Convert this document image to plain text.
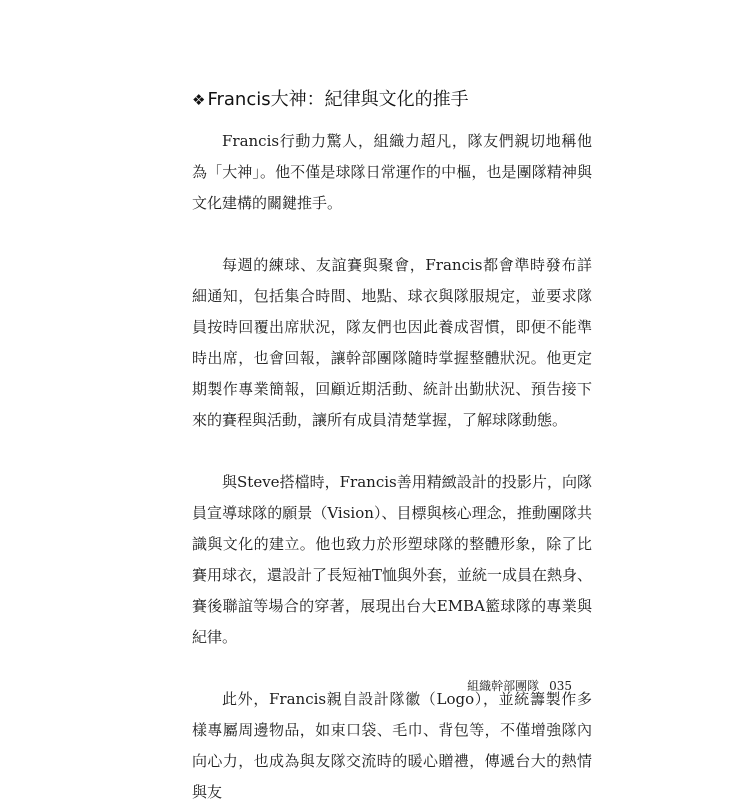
❖ Francis大神：紀律與文化的推手

Francis行動力驚人，組織力超凡，隊友們親切地稱他為「大神」。他不僅是球隊日常運作的中樞，也是團隊精神與文化建構的關鍵推手。

每週的練球、友誼賽與聚會，Francis都會準時發布詳細通知，包括集合時間、地點、球衣與隊服規定，並要求隊員按時回覆出席狀況，隊友們也因此養成習慣，即便不能準時出席，也會回報，讓幹部團隊隨時掌握整體狀況。他更定期製作專業簡報，回顧近期活動、統計出勤狀況、預告接下來的賽程與活動，讓所有成員清楚掌握，了解球隊動態。

與Steve搭檔時，Francis善用精緻設計的投影片，向隊員宣導球隊的願景（Vision）、目標與核心理念，推動團隊共識與文化的建立。他也致力於形塑球隊的整體形象，除了比賽用球衣，還設計了長短袖T恤與外套，並統一成員在熱身、賽後聯誼等場合的穿著，展現出台大EMBA籃球隊的專業與紀律。

此外，Francis親自設計隊徽（Logo），並統籌製作多樣專屬周邊物品，如束口袋、毛巾、背包等，不僅增強隊內向心力，也成為與友隊交流時的暖心贈禮，傳遞台大的熱情與友

組織幹部團隊 035
